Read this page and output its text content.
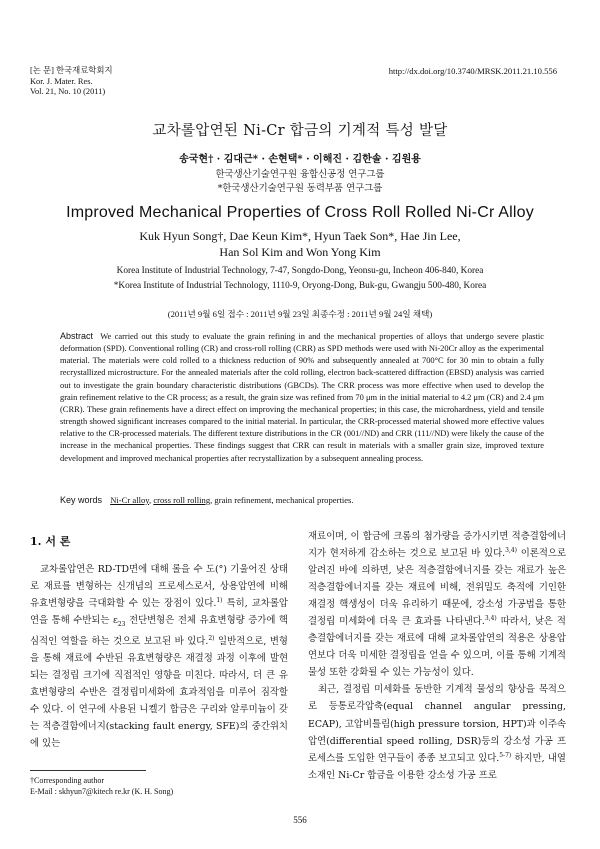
[논 문] 한국재료학회지
Kor. J. Mater. Res.
Vol. 21, No. 10 (2011)
http://dx.doi.org/10.3740/MRSK.2011.21.10.556
교차롤압연된 Ni-Cr 합금의 기계적 특성 발달
송국현† · 김대근* · 손현택* · 이해진 · 김한솔 · 김원용
한국생산기술연구원 융합신공정 연구그룹
*한국생산기술연구원 동력부품 연구그룹
Improved Mechanical Properties of Cross Roll Rolled Ni-Cr Alloy
Kuk Hyun Song†, Dae Keun Kim*, Hyun Taek Son*, Hae Jin Lee,
Han Sol Kim and Won Yong Kim
Korea Institute of Industrial Technology, 7-47, Songdo-Dong, Yeonsu-gu, Incheon 406-840, Korea
*Korea Institute of Industrial Technology, 1110-9, Oryong-Dong, Buk-gu, Gwangju 500-480, Korea
(2011년 9월 6일 접수 : 2011년 9월 23일 최종수정 : 2011년 9월 24일 채택)
Abstract We carried out this study to evaluate the grain refining in and the mechanical properties of alloys that undergo severe plastic deformation (SPD). Conventional rolling (CR) and cross-roll rolling (CRR) as SPD methods were used with Ni-20Cr alloy as the experimental material. The materials were cold rolled to a thickness reduction of 90% and subsequently annealed at 700°C for 30 min to obtain a fully recrystallized microstructure. For the annealed materials after the cold rolling, electron back-scattered diffraction (EBSD) analysis was carried out to investigate the grain boundary characteristic distributions (GBCDs). The CRR process was more effective when used to develop the grain refinement relative to the CR process; as a result, the grain size was refined from 70 μm in the initial material to 4.2 μm (CR) and 2.4 μm (CRR). These grain refinements have a direct effect on improving the mechanical properties; in this case, the microhardness, yield and tensile strength showed significant increases compared to the initial material. In particular, the CRR-processed material showed more effective values relative to the CR-processed materials. The different texture distributions in the CR (001//ND) and CRR (111//ND) were likely the cause of the increase in the mechanical properties. These findings suggest that CRR can result in materials with a smaller grain size, improved texture development and improved mechanical properties after recrystallization by a subsequent annealing process.
Key words Ni-Cr alloy, cross roll rolling, grain refinement, mechanical properties.
1. 서 론

교차롤압연은 RD-TD면에 대해 롤을 수 도(°) 기울어진 상태로 재료를 변형하는 신개념의 프로세스로서, 상용압연에 비해 유효변형량을 극대화할 수 있는 장점이 있다.$^{1)}$ 특히, 교차롤압연을 통해 수반되는 $\varepsilon_{23}$ 전단변형은 전체 유효변형량 증가에 핵심적인 역할을 하는 것으로 보고된 바 있다.$^{2)}$ 일반적으로, 변형을 통해 재료에 수반된 유효변형량은 재결정 과정 이후에 발현되는 결정립 크기에 직접적인 영향을 미친다. 따라서, 더 큰 유효변형량의 수반은 결정립미세화에 효과적임을 미루어 짐작할 수 있다. 이 연구에 사용된 니켈기 합금은 구리와 알루미늄이 갖는 적층결함에너지(stacking fault energy, SFE)의 중간위치에 있는

재료이며, 이 합금에 크롬의 첨가량을 증가시키면 적층결함에너지가 현저하게 감소하는 것으로 보고된 바 있다.$^{3,4)}$ 이론적으로 알려진 바에 의하면, 낮은 적층결함에너지를 갖는 재료가 높은 적층결함에너지를 갖는 재료에 비해, 전위밀도 축적에 기인한 재결정 핵생성이 더욱 유리하기 때문에, 강소성 가공법을 통한 결정립 미세화에 더욱 큰 효과를 나타낸다.$^{3,4)}$ 따라서, 낮은 적층결함에너지를 갖는 재료에 대해 교차롤압연의 적용은 상용압연보다 더욱 미세한 결정립을 얻을 수 있으며, 이를 통해 기계적 물성 또한 강화될 수 있는 가능성이 있다.

최근, 결정립 미세화를 동반한 기계적 물성의 향상을 목적으로 등통로각압축(equal channel angular pressing, ECAP), 고압비틀림(high pressure torsion, HPT)과 이주속압연(differential speed rolling, DSR)등의 강소성 가공 프로세스를 도입한 연구들이 종종 보고되고 있다.$^{5-7)}$ 하지만, 내열소재인 Ni-Cr 합금을 이용한 강소성 가공 프로

†Corresponding author
E-Mail : skhyun7@kitech re.kr (K. H. Song)
556
